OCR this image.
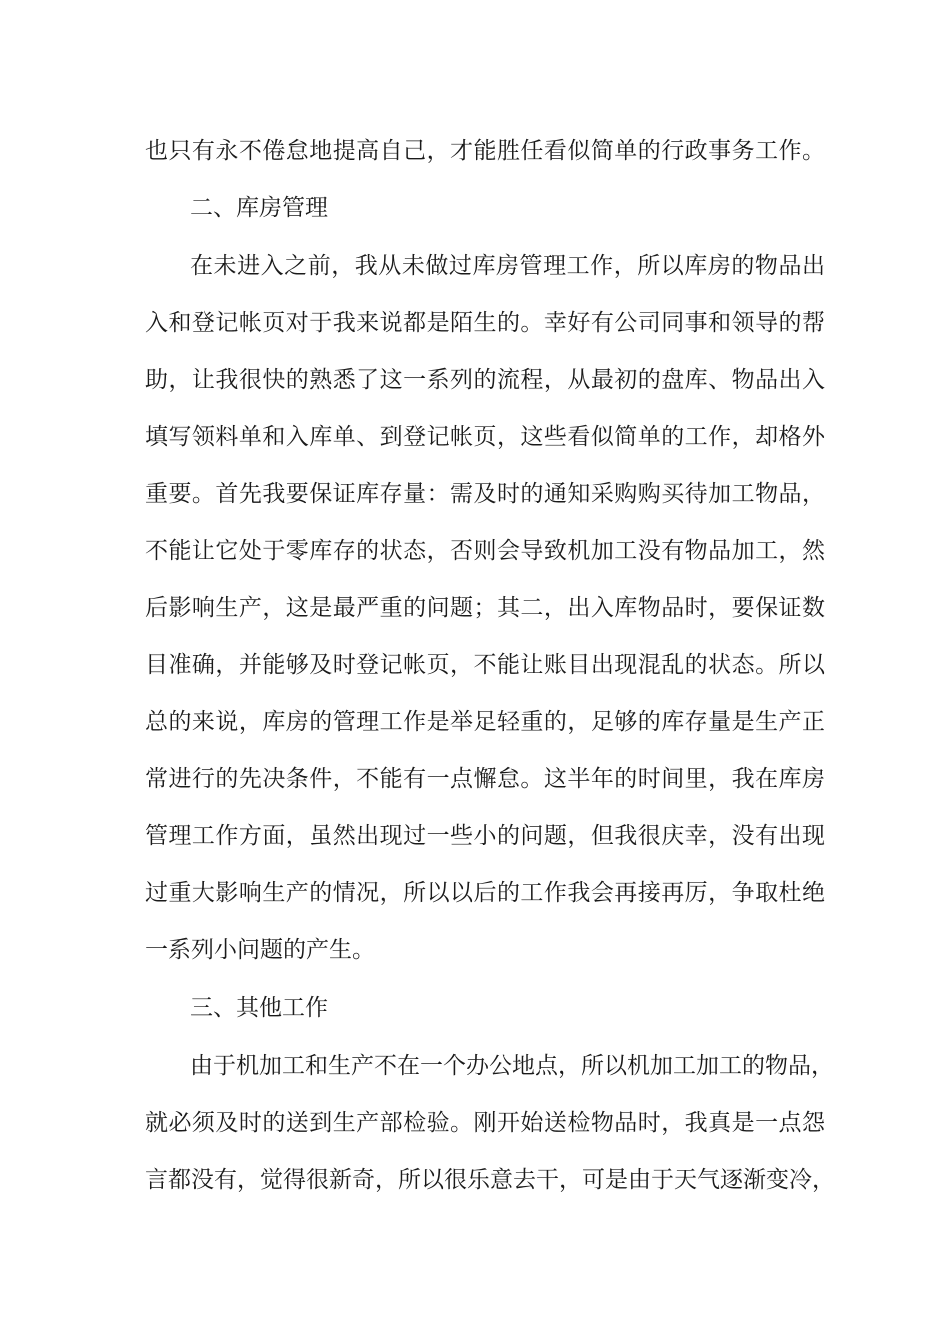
也只有永不倦怠地提高自己，才能胜任看似简单的行政事务工作。
二、库房管理
在未进入之前，我从未做过库房管理工作，所以库房的物品出
入和登记帐页对于我来说都是陌生的。幸好有公司同事和领导的帮
助，让我很快的熟悉了这一系列的流程，从最初的盘库、物品出入
填写领料单和入库单、到登记帐页，这些看似简单的工作，却格外
重要。首先我要保证库存量：需及时的通知采购购买待加工物品，
不能让它处于零库存的状态，否则会导致机加工没有物品加工，然
后影响生产，这是最严重的问题；其二，出入库物品时，要保证数
目准确，并能够及时登记帐页，不能让账目出现混乱的状态。所以
总的来说，库房的管理工作是举足轻重的，足够的库存量是生产正
常进行的先决条件，不能有一点懈怠。这半年的时间里，我在库房
管理工作方面，虽然出现过一些小的问题，但我很庆幸，没有出现
过重大影响生产的情况，所以以后的工作我会再接再厉，争取杜绝
一系列小问题的产生。
三、其他工作
由于机加工和生产不在一个办公地点，所以机加工加工的物品，
就必须及时的送到生产部检验。刚开始送检物品时，我真是一点怨
言都没有，觉得很新奇，所以很乐意去干，可是由于天气逐渐变冷，
